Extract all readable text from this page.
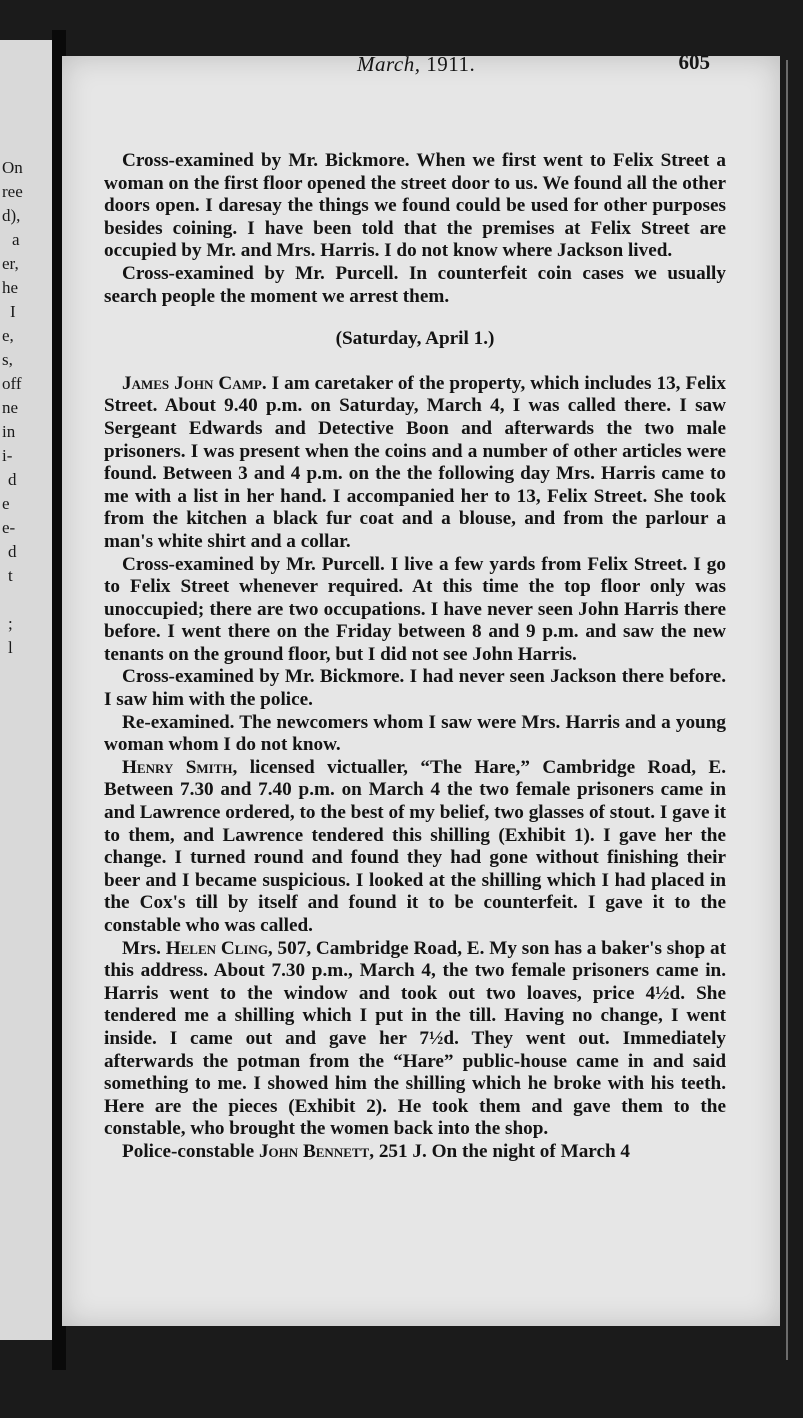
On
ree
d),
a
er,
he
I
e,
s,
off
ne
in
i-
d
e
e-
d
t
;
l
March, 1911.	605

Cross-examined by Mr. Bickmore. When we first went to Felix Street a woman on the first floor opened the street door to us. We found all the other doors open. I daresay the things we found could be used for other purposes besides coining. I have been told that the premises at Felix Street are occupied by Mr. and Mrs. Harris. I do not know where Jackson lived.

Cross-examined by Mr. Purcell. In counterfeit coin cases we usually search people the moment we arrest them.

(Saturday, April 1.)

James John Camp. I am caretaker of the property, which includes 13, Felix Street. About 9.40 p.m. on Saturday, March 4, I was called there. I saw Sergeant Edwards and Detective Boon and afterwards the two male prisoners. I was present when the coins and a number of other articles were found. Between 3 and 4 p.m. on the the following day Mrs. Harris came to me with a list in her hand. I accompanied her to 13, Felix Street. She took from the kitchen a black fur coat and a blouse, and from the parlour a man's white shirt and a collar.

Cross-examined by Mr. Purcell. I live a few yards from Felix Street. I go to Felix Street whenever required. At this time the top floor only was unoccupied; there are two occupations. I have never seen John Harris there before. I went there on the Friday between 8 and 9 p.m. and saw the new tenants on the ground floor, but I did not see John Harris.

Cross-examined by Mr. Bickmore. I had never seen Jackson there before. I saw him with the police.

Re-examined. The newcomers whom I saw were Mrs. Harris and a young woman whom I do not know.

Henry Smith, licensed victualler, “The Hare,” Cambridge Road, E. Between 7.30 and 7.40 p.m. on March 4 the two female prisoners came in and Lawrence ordered, to the best of my belief, two glasses of stout. I gave it to them, and Lawrence tendered this shilling (Exhibit 1). I gave her the change. I turned round and found they had gone without finishing their beer and I became suspicious. I looked at the shilling which I had placed in the Cox's till by itself and found it to be counterfeit. I gave it to the constable who was called.

Mrs. Helen Cling, 507, Cambridge Road, E. My son has a baker's shop at this address. About 7.30 p.m., March 4, the two female prisoners came in. Harris went to the window and took out two loaves, price 4½d. She tendered me a shilling which I put in the till. Having no change, I went inside. I came out and gave her 7½d. They went out. Immediately afterwards the potman from the “Hare” public-house came in and said something to me. I showed him the shilling which he broke with his teeth. Here are the pieces (Exhibit 2). He took them and gave them to the constable, who brought the women back into the shop.

Police-constable John Bennett, 251 J. On the night of March 4
